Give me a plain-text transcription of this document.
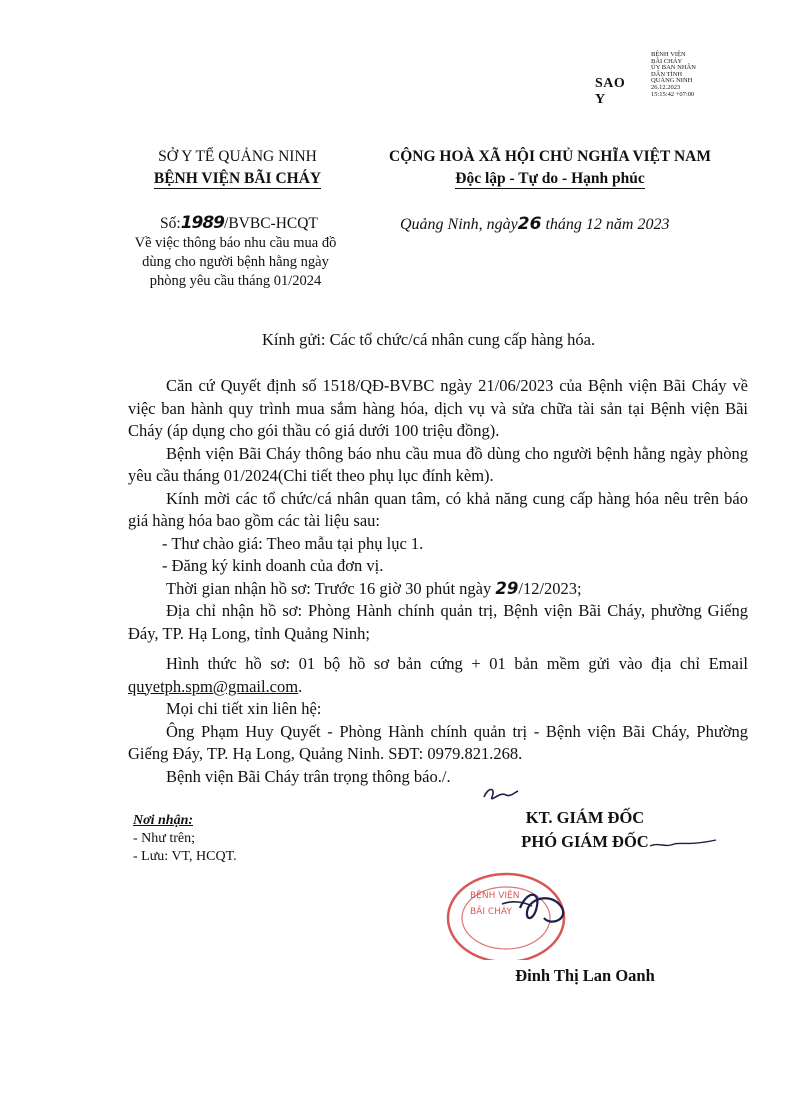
SAO Y
BỆNH VIỆN
BÃI CHÁY
ỦY BAN NHÂN
DÂN TỈNH
QUẢNG NINH
26.12.2023
15:15:42 +07:00
SỞ Y TẾ QUẢNG NINH
BỆNH VIỆN BÃI CHÁY
CỘNG HOÀ XÃ HỘI CHỦ NGHĨA VIỆT NAM
Độc lập - Tự do - Hạnh phúc
Số:1989/BVBC-HCQT
Về việc thông báo nhu cầu mua đồ
dùng cho người bệnh hằng ngày
phòng yêu cầu tháng 01/2024
Quảng Ninh, ngày26 tháng 12 năm 2023
Kính gửi: Các tổ chức/cá nhân cung cấp hàng hóa.

Căn cứ Quyết định số 1518/QĐ-BVBC ngày 21/06/2023 của Bệnh viện Bãi Cháy về việc ban hành quy trình mua sắm hàng hóa, dịch vụ và sửa chữa tài sản tại Bệnh viện Bãi Cháy (áp dụng cho gói thầu có giá dưới 100 triệu đồng).

Bệnh viện Bãi Cháy thông báo nhu cầu mua đồ dùng cho người bệnh hằng ngày phòng yêu cầu tháng 01/2024(Chi tiết theo phụ lục đính kèm).

Kính mời các tổ chức/cá nhân quan tâm, có khả năng cung cấp hàng hóa nêu trên báo giá hàng hóa bao gồm các tài liệu sau:

- Thư chào giá: Theo mẫu tại phụ lục 1.

- Đăng ký kinh doanh của đơn vị.

Thời gian nhận hồ sơ: Trước 16 giờ 30 phút ngày 29/12/2023;

Địa chỉ nhận hồ sơ: Phòng Hành chính quản trị, Bệnh viện Bãi Cháy, phường Giếng Đáy, TP. Hạ Long, tỉnh Quảng Ninh;

Hình thức hồ sơ: 01 bộ hồ sơ bản cứng + 01 bản mềm gửi vào địa chỉ Email quyetph.spm@gmail.com.

Mọi chi tiết xin liên hệ:

Ông Phạm Huy Quyết - Phòng Hành chính quản trị - Bệnh viện Bãi Cháy, Phường Giếng Đáy, TP. Hạ Long, Quảng Ninh. SĐT: 0979.821.268.

Bệnh viện Bãi Cháy trân trọng thông báo./.

Nơi nhận:
- Như trên;
- Lưu: VT, HCQT.
KT. GIÁM ĐỐC
PHÓ GIÁM ĐỐC
BỆNH VIỆN
BÃI CHÁY
Đinh Thị Lan Oanh
